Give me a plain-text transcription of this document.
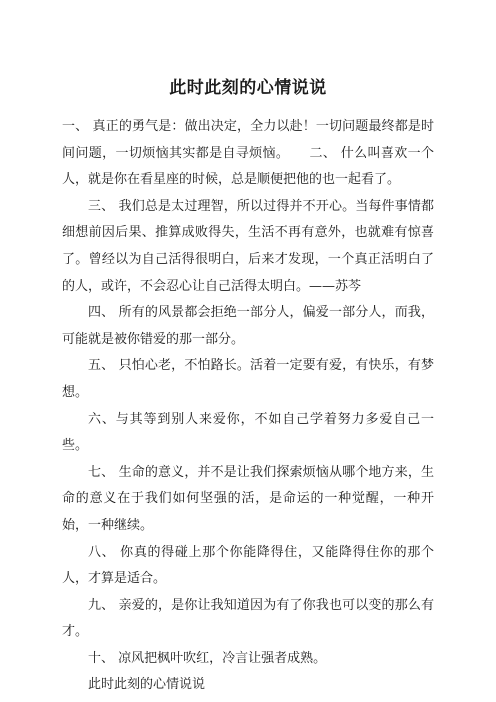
此时此刻的心情说说

一、 真正的勇气是：做出决定，全力以赴！一切问题最终都是时间问题，一切烦恼其实都是自寻烦恼。　　二、 什么叫喜欢一个人，就是你在看星座的时候，总是顺便把他的也一起看了。

三、 我们总是太过理智，所以过得并不开心。当每件事情都细想前因后果、推算成败得失，生活不再有意外，也就难有惊喜了。曾经以为自己活得很明白，后来才发现，一个真正活明白了的人，或许，不会忍心让自己活得太明白。——苏芩

四、 所有的风景都会拒绝一部分人，偏爱一部分人，而我，可能就是被你错爱的那一部分。

五、 只怕心老，不怕路长。活着一定要有爱，有快乐，有梦想。

六、与其等到别人来爱你，不如自己学着努力多爱自己一些。

七、 生命的意义，并不是让我们探索烦恼从哪个地方来，生命的意义在于我们如何坚强的活，是命运的一种觉醒，一种开始，一种继续。

八、 你真的得碰上那个你能降得住，又能降得住你的那个人，才算是适合。

九、 亲爱的，是你让我知道因为有了你我也可以变的那么有才。

十、 凉风把枫叶吹红，冷言让强者成熟。

此时此刻的心情说说
